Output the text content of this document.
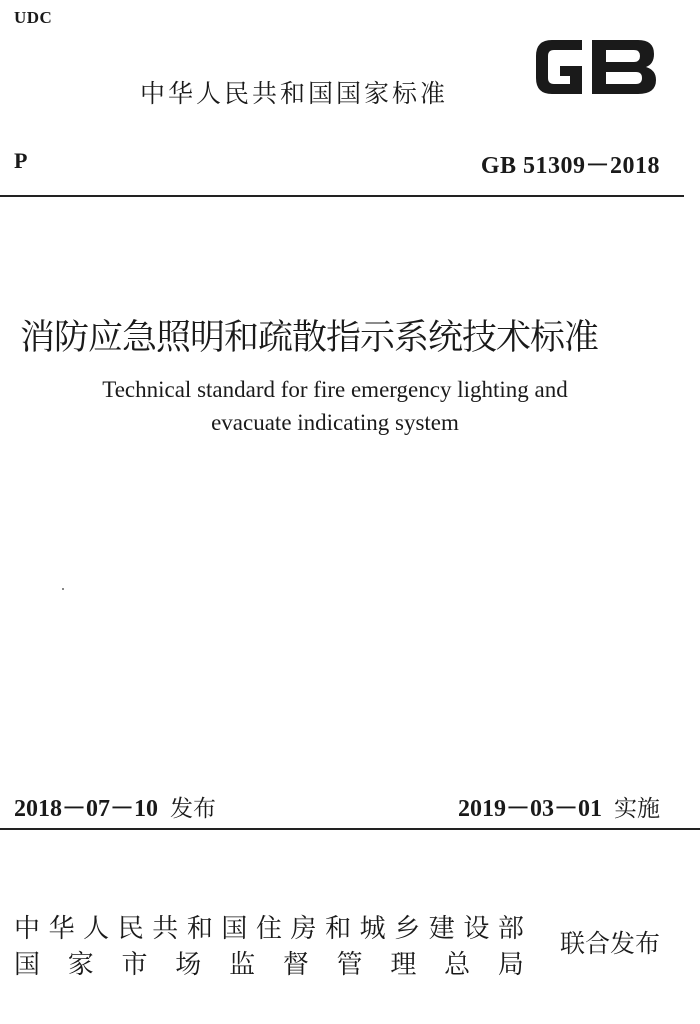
UDC
中华人民共和国国家标准
GB
P	GB 51309－2018
消防应急照明和疏散指示系统技术标准
Technical standard for fire emergency lighting and
evacuate indicating system
2018－07－10 发布	2019－03－01 实施
中 华 人 民 共 和 国 住 房 和 城 乡 建 设 部
国 家 市 场 监 督 管 理 总 局
联合发布
